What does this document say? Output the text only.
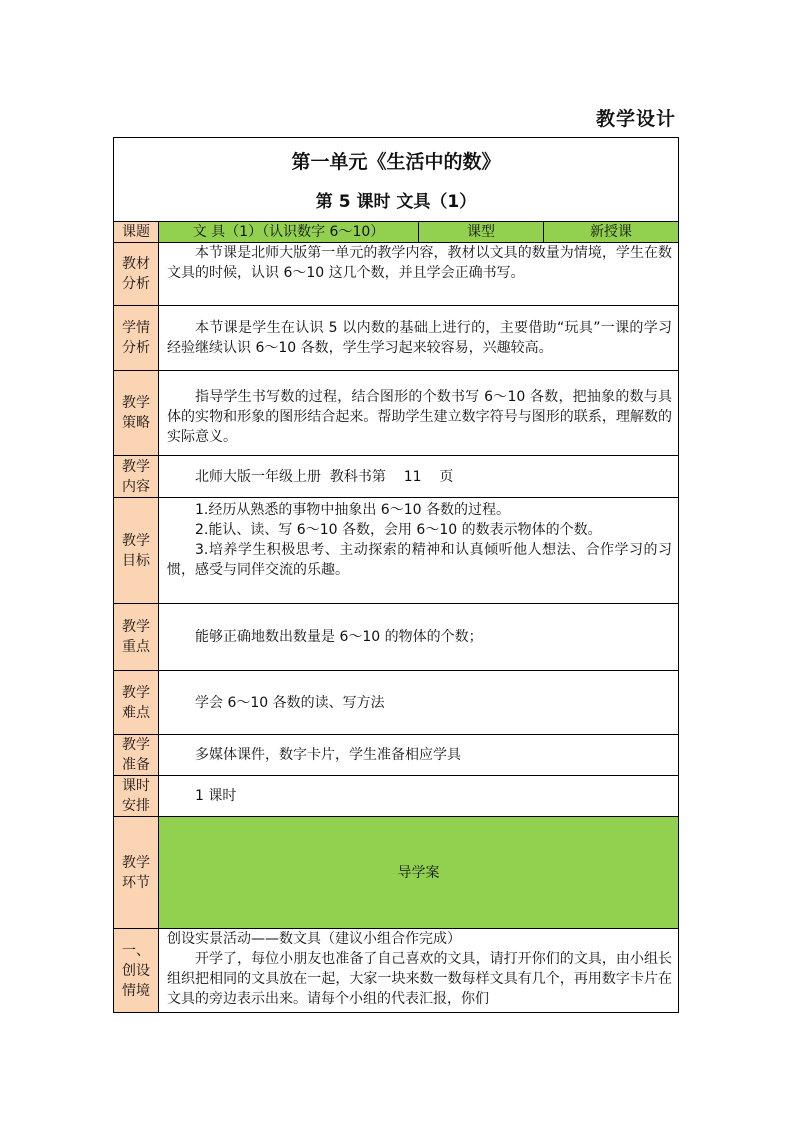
教学设计
第一单元《生活中的数》
第 5 课时 文具（1）			

课题	文 具（1）（认识数字 6～10）	课型	新授课
教材
分析	本节课是北师大版第一单元的教学内容，教材以文具的数量为情境，学生在数文具的时候，认识 6～10 这几个数，并且学会正确书写。		

学情
分析	本节课是学生在认识 5 以内数的基础上进行的，主要借助“玩具”一课的学习经验继续认识 6～10 各数，学生学习起来较容易，兴趣较高。		

教学
策略	指导学生书写数的过程，结合图形的个数书写 6～10 各数，把抽象的数与具体的实物和形象的图形结合起来。帮助学生建立数字符号与图形的联系，理解数的实际意义。		

教学
内容	北师大版一年级上册  教科书第    11    页		

教学
目标	1.经历从熟悉的事物中抽象出 6～10 各数的过程。
2.能认、读、写 6～10 各数，会用 6～10 的数表示物体的个数。
3.培养学生积极思考、主动探索的精神和认真倾听他人想法、合作学习的习惯，感受与同伴交流的乐趣。		

教学
重点	能够正确地数出数量是 6～10 的物体的个数；		

教学
难点	学会 6～10 各数的读、写方法		

教学
准备	多媒体课件，数字卡片，学生准备相应学具		

课时
安排	1 课时		

教学
环节	导学案		
一、
创设
情境	创设实景活动——数文具（建议小组合作完成）
开学了，每位小朋友也准备了自己喜欢的文具，请打开你们的文具，由小组长组织把相同的文具放在一起，大家一块来数一数每样文具有几个，再用数字卡片在文具的旁边表示出来。请每个小组的代表汇报，你们		
